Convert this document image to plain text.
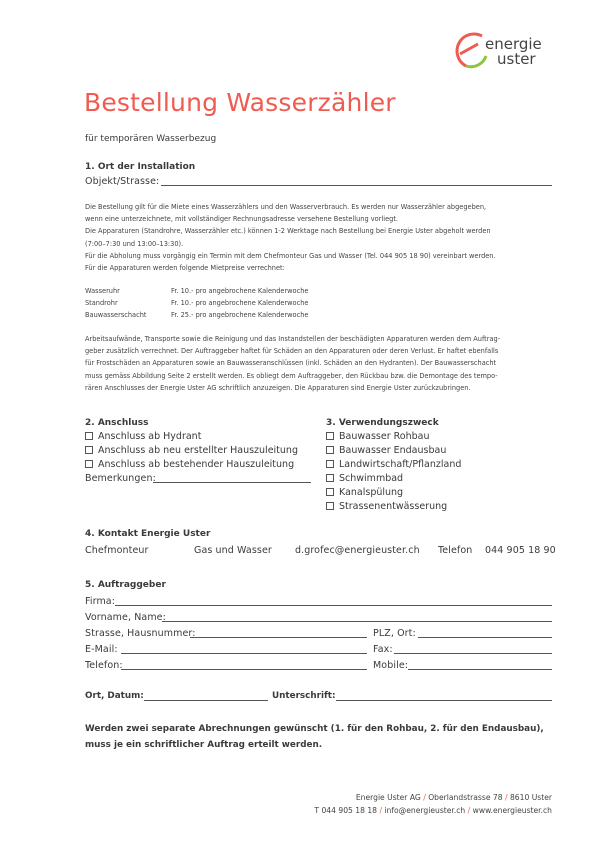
energie
uster
Bestellung Wasserzähler
für temporären Wasserbezug
1. Ort der Installation
Objekt/Strasse:
Die Bestellung gilt für die Miete eines Wasserzählers und den Wasserverbrauch. Es werden nur Wasserzähler abgegeben,
wenn eine unterzeichnete, mit vollständiger Rechnungsadresse versehene Bestellung vorliegt.
Die Apparaturen (Standrohre, Wasserzähler etc.) können 1-2 Werktage nach Bestellung bei Energie Uster abgeholt werden
(7:00–7:30 und 13:00–13:30).
Für die Abholung muss vorgängig ein Termin mit dem Chefmonteur Gas und Wasser (Tel. 044 905 18 90) vereinbart werden.
Für die Apparaturen werden folgende Mietpreise verrechnet:
Wasseruhr	Fr. 10.- pro angebrochene Kalenderwoche
Standrohr	Fr. 10.- pro angebrochene Kalenderwoche
Bauwasserschacht	Fr. 25.- pro angebrochene Kalenderwoche
Arbeitsaufwände, Transporte sowie die Reinigung und das Instandstellen der beschädigten Apparaturen werden dem Auftrag-
geber zusätzlich verrechnet. Der Auftraggeber haftet für Schäden an den Apparaturen oder deren Verlust. Er haftet ebenfalls
für Frostschäden an Apparaturen sowie an Bauwasseranschlüssen (inkl. Schäden an den Hydranten). Der Bauwasserschacht
muss gemäss Abbildung Seite 2 erstellt werden. Es obliegt dem Auftraggeber, den Rückbau bzw. die Demontage des tempo-
rären Anschlusses der Energie Uster AG schriftlich anzuzeigen. Die Apparaturen sind Energie Uster zurückzubringen.
2. Anschluss
Anschluss ab Hydrant
Anschluss ab neu erstellter Hauszuleitung
Anschluss ab bestehender Hauszuleitung
Bemerkungen:
3. Verwendungszweck
Bauwasser Rohbau
Bauwasser Endausbau
Landwirtschaft/Pflanzland
Schwimmbad
Kanalspülung
Strassenentwässerung
4. Kontakt Energie Uster
Chefmonteur	Gas und Wasser d.grofec@energieuster.ch Telefon 044 905 18 90
5. Auftraggeber
Firma:
Vorname, Name:
Strasse, Hausnummer:	PLZ, Ort:
E-Mail:	Fax:
Telefon:	Mobile:
Ort, Datum:	Unterschrift:
Werden zwei separate Abrechnungen gewünscht (1. für den Rohbau, 2. für den Endausbau),
muss je ein schriftlicher Auftrag erteilt werden.
Energie Uster AG / Oberlandstrasse 78 / 8610 Uster
T 044 905 18 18 / info@energieuster.ch / www.energieuster.ch
